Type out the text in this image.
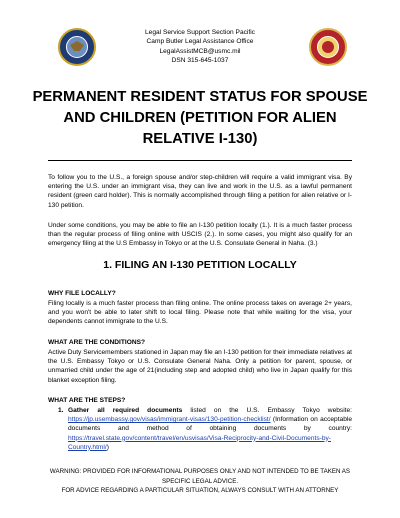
Legal Service Support Section Pacific
Camp Butler Legal Assistance Office
LegalAssistMCB@usmc.mil
DSN 315-645-1037
PERMANENT RESIDENT STATUS FOR SPOUSE AND CHILDREN (PETITION FOR ALIEN RELATIVE I-130)
To follow you to the U.S., a foreign spouse and/or step-children will require a valid immigrant visa. By entering the U.S. under an immigrant visa, they can live and work in the U.S. as a lawful permanent resident (green card holder). This is normally accomplished through filing a petition for alien relative or I-130 petition.
Under some conditions, you may be able to file an I-130 petition locally (1.). It is a much faster process than the regular process of filing online with USCIS (2.). In some cases, you might also qualify for an emergency filing at the U.S Embassy in Tokyo or at the U.S. Consulate General in Naha. (3.)
1. FILING AN I-130 PETITION LOCALLY
WHY FILE LOCALLY?
Filing locally is a much faster process than filing online. The online process takes on average 2+ years, and you won't be able to later shift to local filing. Please note that while waiting for the visa, your dependents cannot immigrate to the U.S.
WHAT ARE THE CONDITIONS?
Active Duty Servicemembers stationed in Japan may file an I-130 petition for their immediate relatives at the U.S. Embassy Tokyo or U.S. Consulate General Naha. Only a petition for parent, spouse, or unmarried child under the age of 21(including step and adopted child) who live in Japan qualify for this blanket exception filing.
WHAT ARE THE STEPS?
1. Gather all required documents listed on the U.S. Embassy Tokyo website: https://jp.usembassy.gov/visas/immigrant-visas/130-petition-checklist/ (Information on acceptable documents and method of obtaining documents by country: https://travel.state.gov/content/travel/en/usvisas/Visa-Reciprocity-and-Civil-Documents-by-Country.html/)
WARNING: PROVIDED FOR INFORMATIONAL PURPOSES ONLY AND NOT INTENDED TO BE TAKEN AS SPECIFIC LEGAL ADVICE.
FOR ADVICE REGARDING A PARTICULAR SITUATION, ALWAYS CONSULT WITH AN ATTORNEY
